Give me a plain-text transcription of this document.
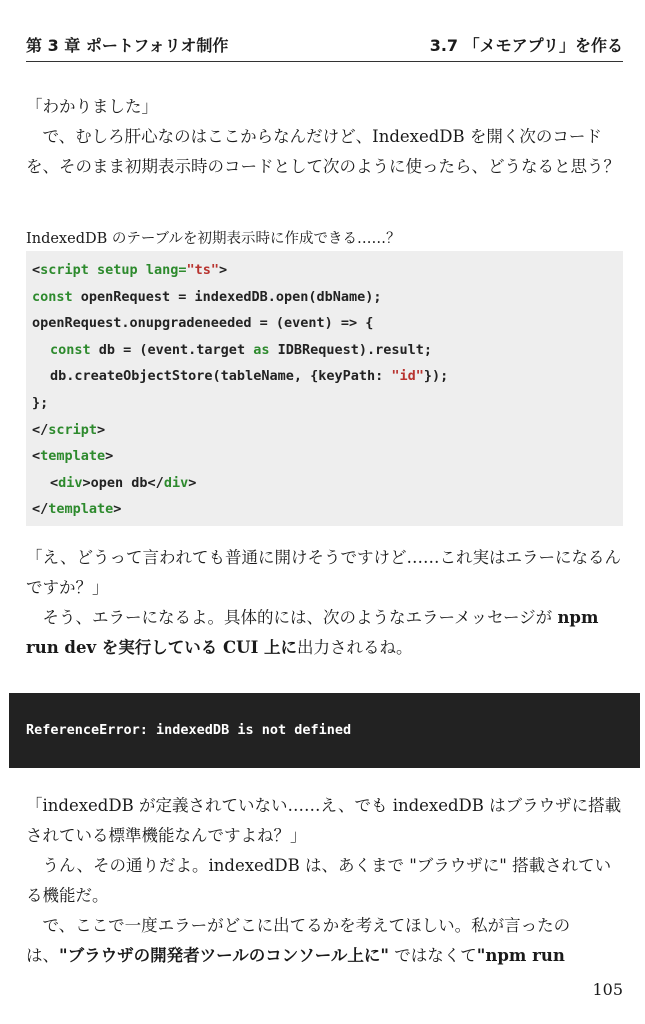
第 3 章 ポートフォリオ制作	3.7 「メモアプリ」を作る

「わかりました」

で、むしろ肝心なのはここからなんだけど、IndexedDB を開く次のコードを、そのまま初期表示時のコードとして次のように使ったら、どうなると思う？

IndexedDB のテーブルを初期表示時に作成できる……？
<script setup lang="ts">
const openRequest = indexedDB.open(dbName);
openRequest.onupgradeneeded = (event) => {
const db = (event.target as IDBRequest).result;
db.createObjectStore(tableName, {keyPath: "id"});
};
</script>
<template>
<div>open db</div>
</template>

「え、どうって言われても普通に開けそうですけど……これ実はエラーになるんですか？」

そう、エラーになるよ。具体的には、次のようなエラーメッセージが npm run dev を実行している CUI 上に出力されるね。

ReferenceError: indexedDB is not defined

「indexedDB が定義されていない……え、でも indexedDB はブラウザに搭載されている標準機能なんですよね？」

うん、その通りだよ。indexedDB は、あくまで "ブラウザに" 搭載されている機能だ。

で、ここで一度エラーがどこに出てるかを考えてほしい。私が言ったのは、"ブラウザの開発者ツールのコンソール上に" ではなくて"npm run

105
